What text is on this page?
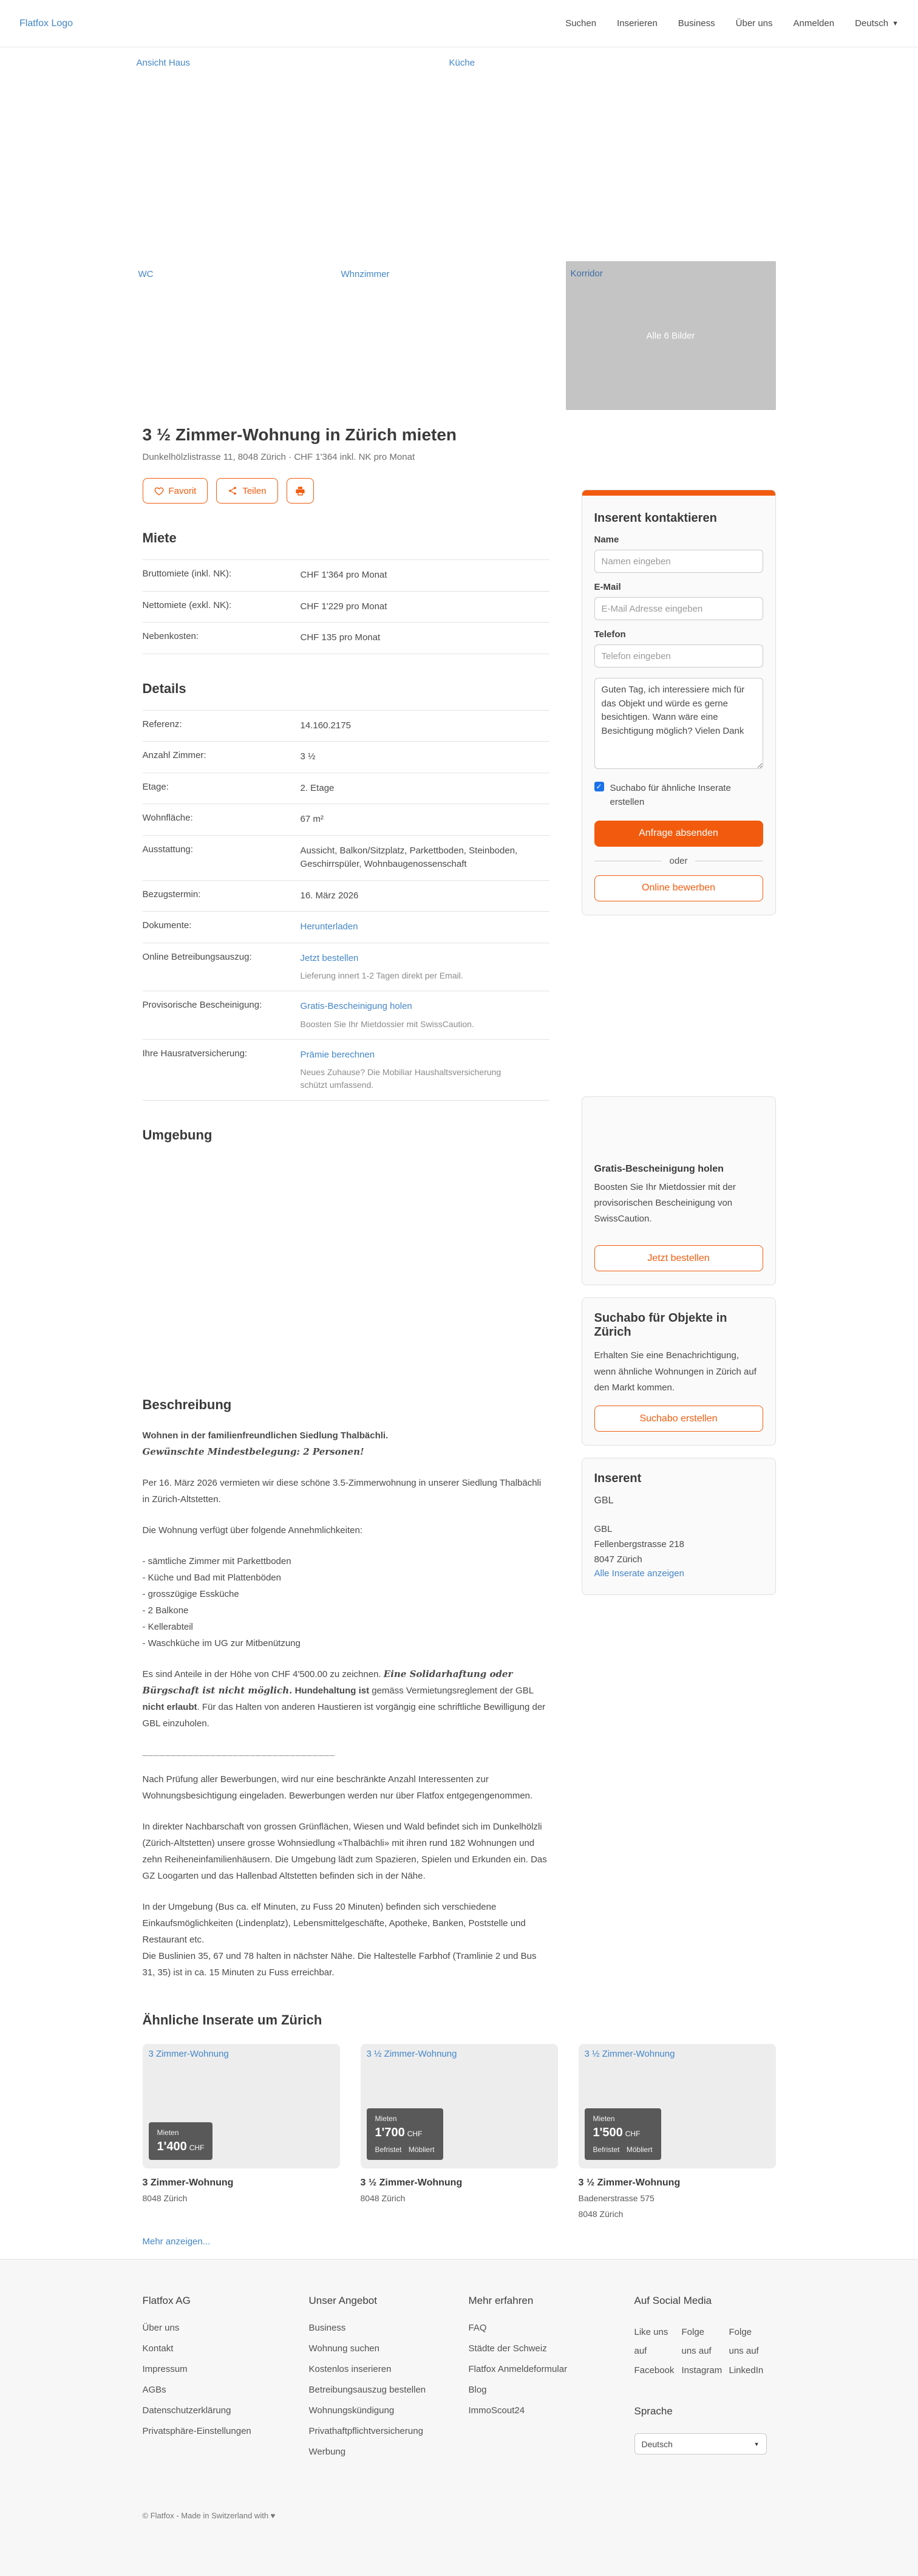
Flatfox Logo	Suchen Inserieren Business Über uns Anmelden Deutsch ▼
Ansicht Haus	Küche
WC	Whnzimmer	Korridor
Alle 6 Bilder
3 ½ Zimmer-Wohnung in Zürich mieten
Dunkelhölzlistrasse 11, 8048 Zürich · CHF 1'364 inkl. NK pro Monat
Favorit	Teilen
Miete
Bruttomiete (inkl. NK):	CHF 1'364 pro Monat
Nettomiete (exkl. NK):	CHF 1'229 pro Monat
Nebenkosten:	CHF 135 pro Monat
Details
Referenz:	14.160.2175
Anzahl Zimmer:	3 ½
Etage:	2. Etage
Wohnfläche:	67 m²
Ausstattung:	Aussicht, Balkon/Sitzplatz, Parkettboden, Steinboden, Geschirrspüler, Wohnbaugenossenschaft
Bezugstermin:	16. März 2026
Dokumente:	Herunterladen
Online Betreibungsauszug:	Jetzt bestellen
Lieferung innert 1-2 Tagen direkt per Email.
Provisorische Bescheinigung:	Gratis-Bescheinigung holen
Boosten Sie Ihr Mietdossier mit SwissCaution.
Ihre Hausratversicherung:	Prämie berechnen
Neues Zuhause? Die Mobiliar Haushaltsversicherung schützt umfassend.
Umgebung
Beschreibung

Wohnen in der familienfreundlichen Siedlung Thalbächli.
Gewünschte Mindestbelegung: 2 Personen!

Per 16. März 2026 vermieten wir diese schöne 3.5-Zimmerwohnung in unserer Siedlung Thalbächli in Zürich-Altstetten.

Die Wohnung verfügt über folgende Annehmlichkeiten:

- sämtliche Zimmer mit Parkettboden
- Küche und Bad mit Plattenböden
- grosszügige Essküche
- 2 Balkone
- Kellerabteil
- Waschküche im UG zur Mitbenützung

Es sind Anteile in der Höhe von CHF 4'500.00 zu zeichnen. Eine Solidarhaftung oder Bürgschaft ist nicht möglich. Hundehaltung ist gemäss Vermietungsreglement der GBL nicht erlaubt. Für das Halten von anderen Haustieren ist vorgängig eine schriftliche Bewilligung der GBL einzuholen.

__________________________________

Nach Prüfung aller Bewerbungen, wird nur eine beschränkte Anzahl Interessenten zur Wohnungsbesichtigung eingeladen. Bewerbungen werden nur über Flatfox entgegengenommen.

In direkter Nachbarschaft von grossen Grünflächen, Wiesen und Wald befindet sich im Dunkelhölzli (Zürich-Altstetten) unsere grosse Wohnsiedlung «Thalbächli» mit ihren rund 182 Wohnungen und zehn Reiheneinfamilienhäusern. Die Umgebung lädt zum Spazieren, Spielen und Erkunden ein. Das GZ Loogarten und das Hallenbad Altstetten befinden sich in der Nähe.

In der Umgebung (Bus ca. elf Minuten, zu Fuss 20 Minuten) befinden sich verschiedene Einkaufsmöglichkeiten (Lindenplatz), Lebensmittelgeschäfte, Apotheke, Banken, Poststelle und Restaurant etc.
Die Buslinien 35, 67 und 78 halten in nächster Nähe. Die Haltestelle Farbhof (Tramlinie 2 und Bus 31, 35) ist in ca. 15 Minuten zu Fuss erreichbar.

Inserent kontaktieren
Name
Namen eingeben
E-Mail
E-Mail Adresse eingeben
Telefon
Telefon eingeben Guten Tag, ich interessiere mich für das Objekt und würde es gerne besichtigen. Wann wäre eine Besichtigung möglich? Vielen Dank
✓ Suchabo für ähnliche Inserate erstellen
Anfrage absenden
oder
Online bewerben
Gratis-Bescheinigung holen
Boosten Sie Ihr Mietdossier mit der provisorischen Bescheinigung von SwissCaution.
Jetzt bestellen
Suchabo für Objekte in Zürich
Erhalten Sie eine Benachrichtigung, wenn ähnliche Wohnungen in Zürich auf den Markt kommen.
Suchabo erstellen
Inserent
GBL
GBL
Fellenbergstrasse 218
8047 Zürich
Alle Inserate anzeigen
Ähnliche Inserate um Zürich
3 Zimmer-Wohnung
Mieten
1'400 CHF
3 Zimmer-Wohnung
8048 Zürich
3 ½ Zimmer-Wohnung
Mieten
1'700 CHF
Befristet Möbliert
3 ½ Zimmer-Wohnung
8048 Zürich
3 ½ Zimmer-Wohnung
Mieten
1'500 CHF
Befristet Möbliert
3 ½ Zimmer-Wohnung
Badenerstrasse 575
8048 Zürich
Mehr anzeigen...
Flatfox AG
Über uns
Kontakt
Impressum
AGBs
Datenschutzerklärung
Privatsphäre-Einstellungen
Unser Angebot
Business
Wohnung suchen
Kostenlos inserieren
Betreibungsauszug bestellen
Wohnungskündigung
Privathaftpflichtversicherung
Werbung
Mehr erfahren
FAQ
Städte der Schweiz
Flatfox Anmeldeformular
Blog
ImmoScout24
Auf Social Media
Like uns auf Facebook
Folge uns auf Instagram
Folge uns auf LinkedIn
Sprache
Deutsch	▼
© Flatfox - Made in Switzerland with ♥
